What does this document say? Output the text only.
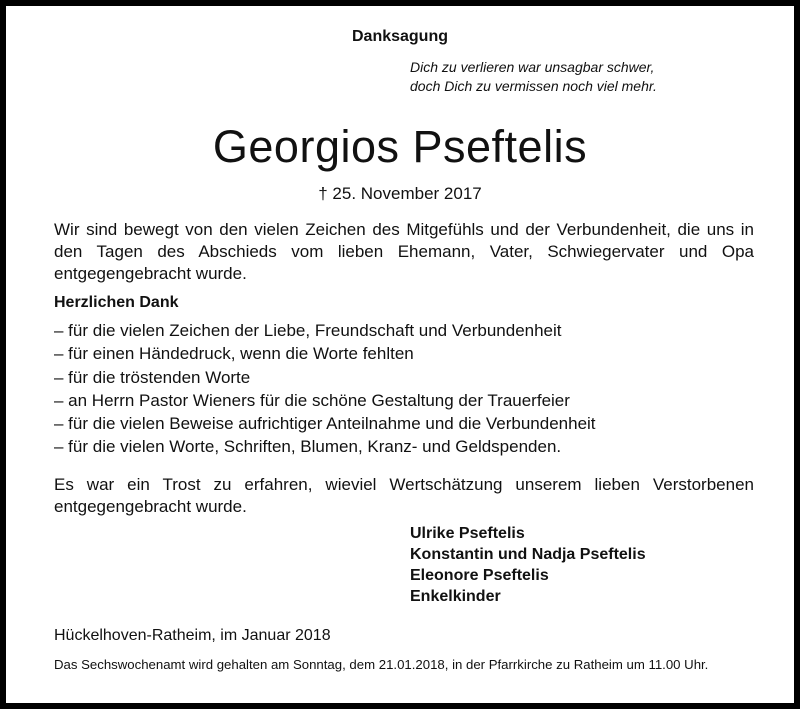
Danksagung
Dich zu verlieren war unsagbar schwer,
doch Dich zu vermissen noch viel mehr.
Georgios Pseftelis
† 25. November 2017

Wir sind bewegt von den vielen Zeichen des Mitgefühls und der Verbundenheit, die uns in den Tagen des Abschieds vom lieben Ehemann, Vater, Schwiegervater und Opa entgegengebracht wurde.

Herzlichen Dank
– für die vielen Zeichen der Liebe, Freundschaft und Verbundenheit
– für einen Händedruck, wenn die Worte fehlten
– für die tröstenden Worte
– an Herrn Pastor Wieners für die schöne Gestaltung der Trauerfeier
– für die vielen Beweise aufrichtiger Anteilnahme und die Verbundenheit
– für die vielen Worte, Schriften, Blumen, Kranz- und Geldspenden.

Es war ein Trost zu erfahren, wieviel Wertschätzung unserem lieben Verstorbenen entgegengebracht wurde.

Ulrike Pseftelis
Konstantin und Nadja Pseftelis
Eleonore Pseftelis
Enkelkinder
Hückelhoven-Ratheim, im Januar 2018

Das Sechswochenamt wird gehalten am Sonntag, dem 21.01.2018, in der Pfarrkirche zu Ratheim um 11.00 Uhr.
